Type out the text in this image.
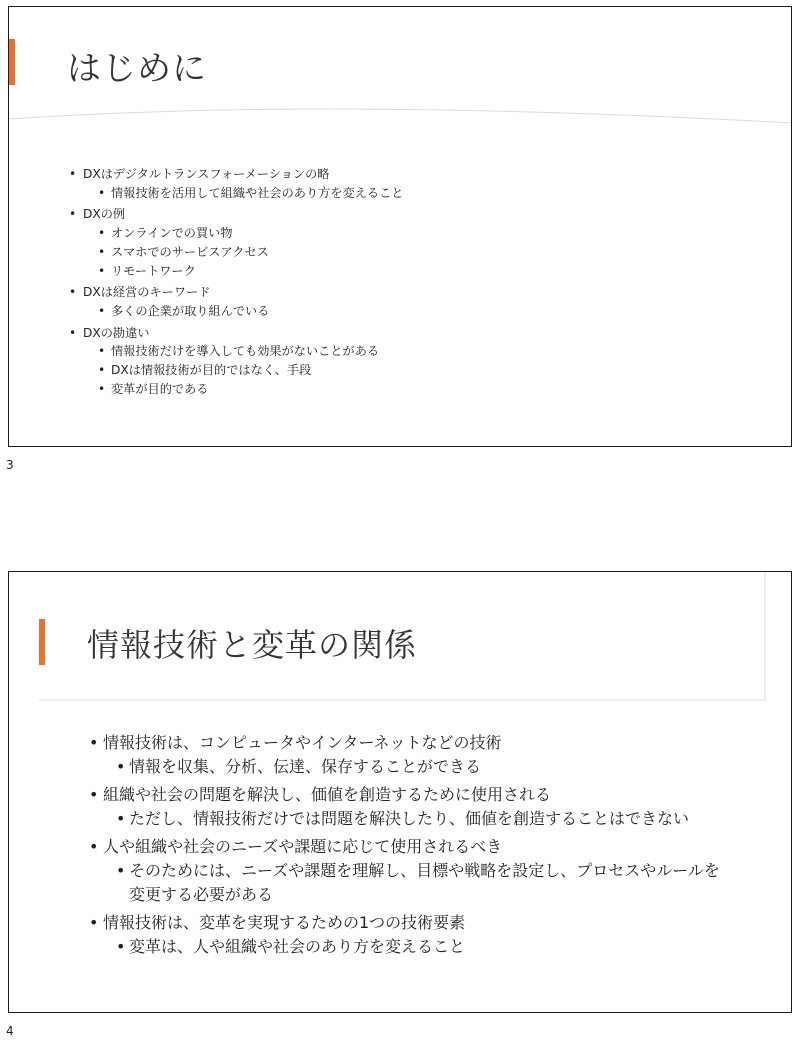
はじめに
• DXはデジタルトランスフォーメーションの略
• 情報技術を活用して組織や社会のあり方を変えること
• DXの例
• オンラインでの買い物
• スマホでのサービスアクセス
• リモートワーク
• DXは経営のキーワード
• 多くの企業が取り組んでいる
• DXの勘違い
• 情報技術だけを導入しても効果がないことがある
• DXは情報技術が目的ではなく、手段
• 変革が目的である
3
情報技術と変革の関係
• 情報技術は、コンピュータやインターネットなどの技術
• 情報を収集、分析、伝達、保存することができる
• 組織や社会の問題を解決し、価値を創造するために使用される
• ただし、情報技術だけでは問題を解決したり、価値を創造することはできない
• 人や組織や社会のニーズや課題に応じて使用されるべき
• そのためには、ニーズや課題を理解し、目標や戦略を設定し、プロセスやルールを変更する必要がある
• 情報技術は、変革を実現するための1つの技術要素
• 変革は、人や組織や社会のあり方を変えること
4
